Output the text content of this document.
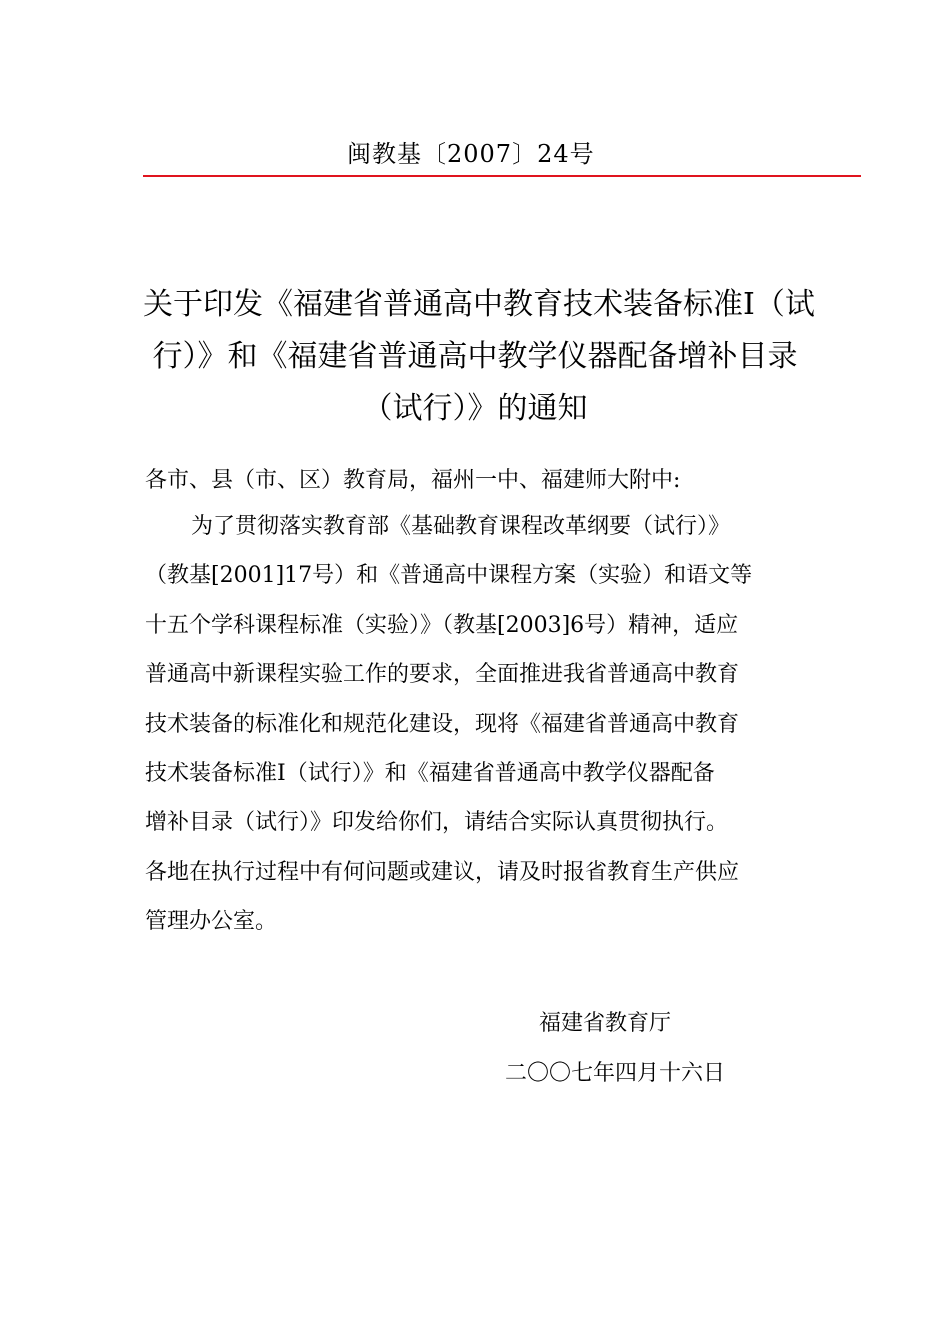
闽教基〔2007〕24号
关于印发《福建省普通高中教育技术装备标准Ⅰ（试
行）》和《福建省普通高中教学仪器配备增补目录
（试行）》的通知
各市、县（市、区）教育局，福州一中、福建师大附中:
为了贯彻落实教育部《基础教育课程改革纲要（试行）》
（教基[2001]17号）和《普通高中课程方案（实验）和语文等
十五个学科课程标准（实验）》（教基[2003]6号）精神，适应
普通高中新课程实验工作的要求，全面推进我省普通高中教育
技术装备的标准化和规范化建设，现将《福建省普通高中教育
技术装备标准Ⅰ（试行）》和《福建省普通高中教学仪器配备
增补目录（试行）》印发给你们，请结合实际认真贯彻执行。
各地在执行过程中有何问题或建议，请及时报省教育生产供应
管理办公室。
福建省教育厅
二〇〇七年四月十六日
